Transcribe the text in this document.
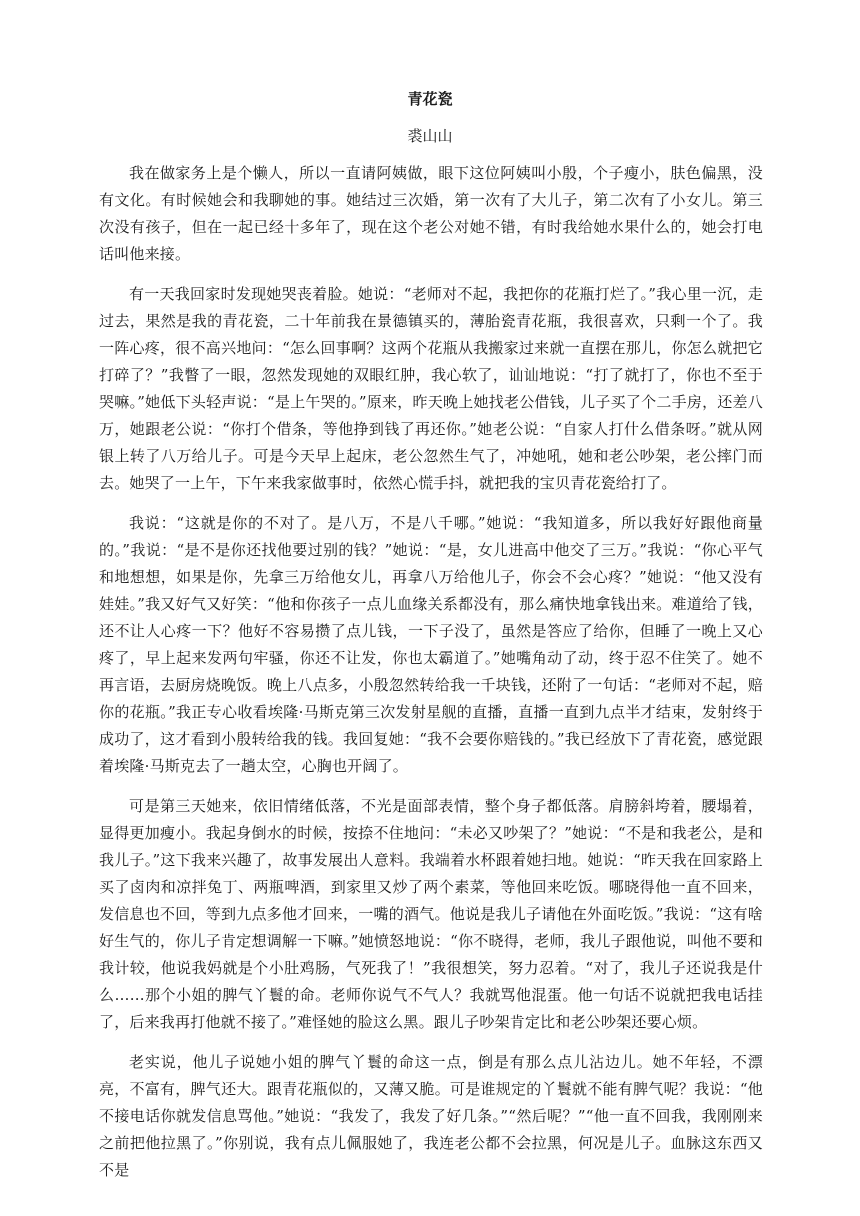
青花瓷
裘山山

我在做家务上是个懒人，所以一直请阿姨做，眼下这位阿姨叫小殷，个子瘦小，肤色偏黑，没有文化。有时候她会和我聊她的事。她结过三次婚，第一次有了大儿子，第二次有了小女儿。第三次没有孩子，但在一起已经十多年了，现在这个老公对她不错，有时我给她水果什么的，她会打电话叫他来接。

有一天我回家时发现她哭丧着脸。她说：“老师对不起，我把你的花瓶打烂了。”我心里一沉，走过去，果然是我的青花瓷，二十年前我在景德镇买的，薄胎瓷青花瓶，我很喜欢，只剩一个了。我一阵心疼，很不高兴地问：“怎么回事啊？这两个花瓶从我搬家过来就一直摆在那儿，你怎么就把它打碎了？”我瞥了一眼，忽然发现她的双眼红肿，我心软了，讪讪地说：“打了就打了，你也不至于哭嘛。”她低下头轻声说：“是上午哭的。”原来，昨天晚上她找老公借钱，儿子买了个二手房，还差八万，她跟老公说：“你打个借条，等他挣到钱了再还你。”她老公说：“自家人打什么借条呀。”就从网银上转了八万给儿子。可是今天早上起床，老公忽然生气了，冲她吼，她和老公吵架，老公摔门而去。她哭了一上午，下午来我家做事时，依然心慌手抖，就把我的宝贝青花瓷给打了。

我说：“这就是你的不对了。是八万，不是八千哪。”她说：“我知道多，所以我好好跟他商量的。”我说：“是不是你还找他要过别的钱？”她说：“是，女儿进高中他交了三万。”我说：“你心平气和地想想，如果是你，先拿三万给他女儿，再拿八万给他儿子，你会不会心疼？”她说：“他又没有娃娃。”我又好气又好笑：“他和你孩子一点儿血缘关系都没有，那么痛快地拿钱出来。难道给了钱，还不让人心疼一下？他好不容易攒了点儿钱，一下子没了，虽然是答应了给你，但睡了一晚上又心疼了，早上起来发两句牢骚，你还不让发，你也太霸道了。”她嘴角动了动，终于忍不住笑了。她不再言语，去厨房烧晚饭。晚上八点多，小殷忽然转给我一千块钱，还附了一句话：“老师对不起，赔你的花瓶。”我正专心收看埃隆·马斯克第三次发射星舰的直播，直播一直到九点半才结束，发射终于成功了，这才看到小殷转给我的钱。我回复她：“我不会要你赔钱的。”我已经放下了青花瓷，感觉跟着埃隆·马斯克去了一趟太空，心胸也开阔了。

可是第三天她来，依旧情绪低落，不光是面部表情，整个身子都低落。肩膀斜垮着，腰塌着，显得更加瘦小。我起身倒水的时候，按捺不住地问：“未必又吵架了？”她说：“不是和我老公，是和我儿子。”这下我来兴趣了，故事发展出人意料。我端着水杯跟着她扫地。她说：“昨天我在回家路上买了卤肉和凉拌兔丁、两瓶啤酒，到家里又炒了两个素菜，等他回来吃饭。哪晓得他一直不回来，发信息也不回，等到九点多他才回来，一嘴的酒气。他说是我儿子请他在外面吃饭。”我说：“这有啥好生气的，你儿子肯定想调解一下嘛。”她愤怒地说：“你不晓得，老师，我儿子跟他说，叫他不要和我计较，他说我妈就是个小肚鸡肠，气死我了！”我很想笑，努力忍着。“对了，我儿子还说我是什么……那个小姐的脾气丫鬟的命。老师你说气不气人？我就骂他混蛋。他一句话不说就把我电话挂了，后来我再打他就不接了。”难怪她的脸这么黑。跟儿子吵架肯定比和老公吵架还要心烦。

老实说，他儿子说她小姐的脾气丫鬟的命这一点，倒是有那么点儿沾边儿。她不年轻，不漂亮，不富有，脾气还大。跟青花瓶似的，又薄又脆。可是谁规定的丫鬟就不能有脾气呢？我说：“他不接电话你就发信息骂他。”她说：“我发了，我发了好几条。”“然后呢？”“他一直不回我，我刚刚来之前把他拉黑了。”你别说，我有点儿佩服她了，我连老公都不会拉黑，何况是儿子。血脉这东西又不是
